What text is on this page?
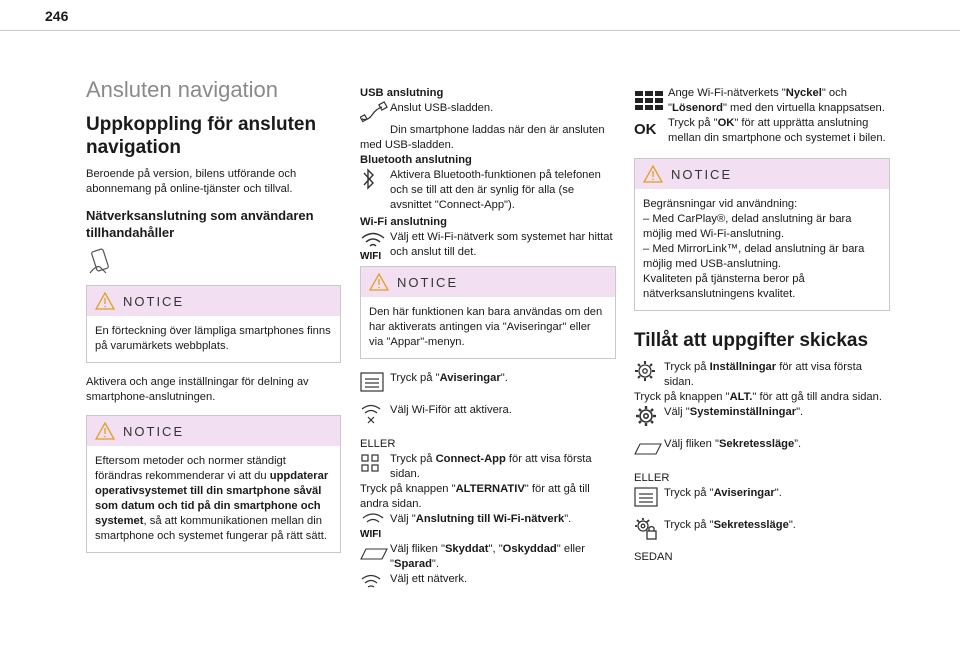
246
Ansluten navigation
Uppkoppling för ansluten navigation

Beroende på version, bilens utförande och abonnemang på online-tjänster och tillval.

Nätverksanslutning som användaren tillhandahåller
NOTICE
En förteckning över lämpliga smartphones finns på varumärkets webbplats.

Aktivera och ange inställningar för delning av smartphone-anslutningen.

NOTICE
Eftersom metoder och normer ständigt förändras rekommenderar vi att du uppdaterar operativsystemet till din smartphone såväl som datum och tid på din smartphone och systemet, så att kommunikationen mellan din smartphone och systemet fungerar på rätt sätt.
USB anslutning
Anslut USB-sladden.
Din smartphone laddas när den är ansluten med USB-sladden.
Bluetooth anslutning
Aktivera Bluetooth-funktionen på telefonen och se till att den är synlig för alla (se avsnittet "Connect-App").
Wi-Fi anslutning
WIFI
Välj ett Wi-Fi-nätverk som systemet har hittat och anslut till det.
NOTICE
Den här funktionen kan bara användas om den har aktiverats antingen via "Aviseringar" eller via "Appar"-menyn.
Tryck på "Aviseringar".
Välj Wi-Fiför att aktivera.
ELLER
Tryck på Connect-App för att visa första sidan.
Tryck på knappen "ALTERNATIV" för att gå till andra sidan.
WIFI
Välj "Anslutning till Wi-Fi-nätverk".
Välj fliken "Skyddat", "Oskyddad" eller "Sparad".
Välj ett nätverk.
Ange Wi-Fi-nätverkets "Nyckel" och "Lösenord" med den virtuella knappsatsen.
OK Tryck på "OK" för att upprätta anslutning mellan din smartphone och systemet i bilen.
NOTICE
Begränsningar vid användning:
– Med CarPlay®, delad anslutning är bara möjlig med Wi-Fi-anslutning.
– Med MirrorLink™, delad anslutning är bara möjlig med USB-anslutning.
Kvaliteten på tjänsterna beror på nätverksanslutningens kvalitet.
Tillåt att uppgifter skickas
Tryck på Inställningar för att visa första sidan.
Tryck på knappen "ALT." för att gå till andra sidan.
Välj "Systeminställningar".
Välj fliken "Sekretessläge”.
ELLER
Tryck på "Aviseringar".
Tryck på "Sekretessläge".
SEDAN
